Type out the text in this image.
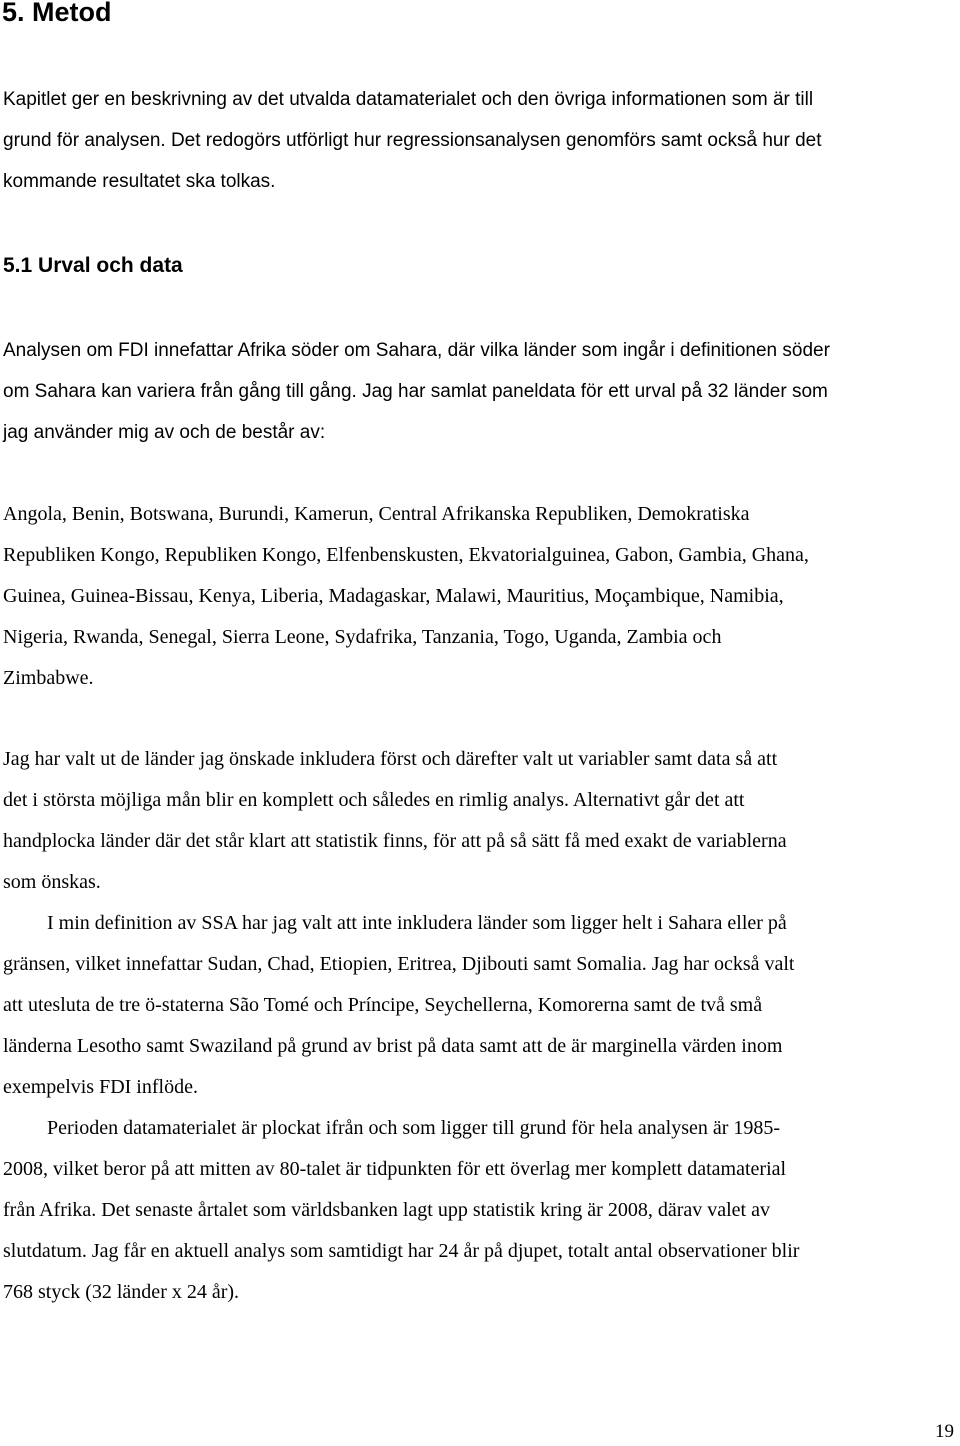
5. Metod

Kapitlet ger en beskrivning av det utvalda datamaterialet och den övriga informationen som är till
grund för analysen. Det redogörs utförligt hur regressionsanalysen genomförs samt också hur det
kommande resultatet ska tolkas.

5.1 Urval och data

Analysen om FDI innefattar Afrika söder om Sahara, där vilka länder som ingår i definitionen söder
om Sahara kan variera från gång till gång. Jag har samlat paneldata för ett urval på 32 länder som
jag använder mig av och de består av:

Angola, Benin, Botswana, Burundi, Kamerun, Central Afrikanska Republiken, Demokratiska
Republiken Kongo, Republiken Kongo, Elfenbenskusten, Ekvatorialguinea, Gabon, Gambia, Ghana,
Guinea, Guinea-Bissau, Kenya, Liberia, Madagaskar, Malawi, Mauritius, Moçambique, Namibia,
Nigeria, Rwanda, Senegal, Sierra Leone, Sydafrika, Tanzania, Togo, Uganda, Zambia och
Zimbabwe.

Jag har valt ut de länder jag önskade inkludera först och därefter valt ut variabler samt data så att
det i största möjliga mån blir en komplett och således en rimlig analys. Alternativt går det att
handplocka länder där det står klart att statistik finns, för att på så sätt få med exakt de variablerna
som önskas.
I min definition av SSA har jag valt att inte inkludera länder som ligger helt i Sahara eller på
gränsen, vilket innefattar Sudan, Chad, Etiopien, Eritrea, Djibouti samt Somalia. Jag har också valt
att utesluta de tre ö-staterna São Tomé och Príncipe, Seychellerna, Komorerna samt de två små
länderna Lesotho samt Swaziland på grund av brist på data samt att de är marginella värden inom
exempelvis FDI inflöde.
Perioden datamaterialet är plockat ifrån och som ligger till grund för hela analysen är 1985-
2008, vilket beror på att mitten av 80-talet är tidpunkten för ett överlag mer komplett datamaterial
från Afrika. Det senaste årtalet som världsbanken lagt upp statistik kring är 2008, därav valet av
slutdatum. Jag får en aktuell analys som samtidigt har 24 år på djupet, totalt antal observationer blir
768 styck (32 länder x 24 år).

19
